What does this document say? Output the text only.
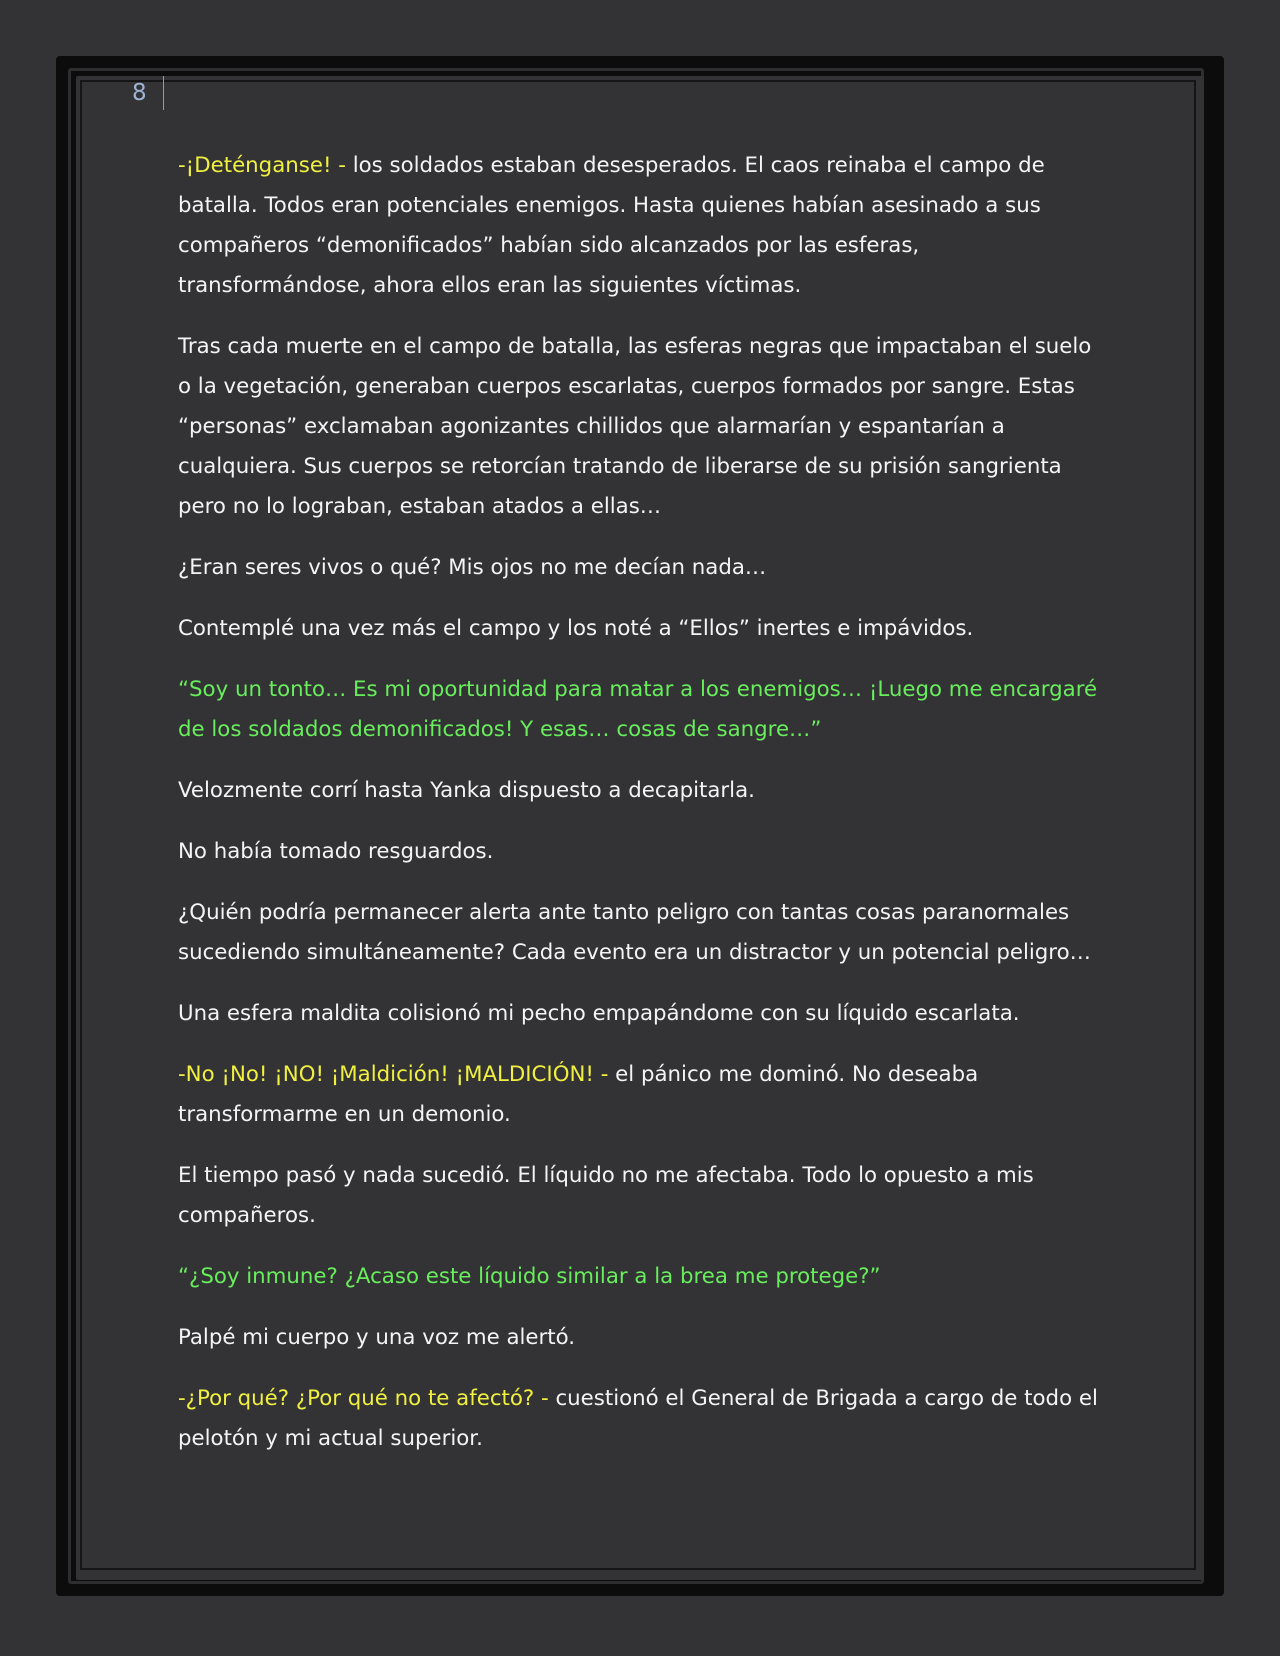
8

-¡Deténganse! - los soldados estaban desesperados. El caos reinaba el campo de batalla. Todos eran potenciales enemigos. Hasta quienes habían asesinado a sus compañeros “demonificados” habían sido alcanzados por las esferas, transformándose, ahora ellos eran las siguientes víctimas.

Tras cada muerte en el campo de batalla, las esferas negras que impactaban el suelo o la vegetación, generaban cuerpos escarlatas, cuerpos formados por sangre. Estas “personas” exclamaban agonizantes chillidos que alarmarían y espantarían a cualquiera. Sus cuerpos se retorcían tratando de liberarse de su prisión sangrienta pero no lo lograban, estaban atados a ellas…

¿Eran seres vivos o qué? Mis ojos no me decían nada…

Contemplé una vez más el campo y los noté a “Ellos” inertes e impávidos.

“Soy un tonto… Es mi oportunidad para matar a los enemigos… ¡Luego me encargaré de los soldados demonificados! Y esas… cosas de sangre…”

Velozmente corrí hasta Yanka dispuesto a decapitarla.

No había tomado resguardos.

¿Quién podría permanecer alerta ante tanto peligro con tantas cosas paranormales sucediendo simultáneamente? Cada evento era un distractor y un potencial peligro…

Una esfera maldita colisionó mi pecho empapándome con su líquido escarlata.

-No ¡No! ¡NO! ¡Maldición! ¡MALDICIÓN! - el pánico me dominó. No deseaba transformarme en un demonio.

El tiempo pasó y nada sucedió. El líquido no me afectaba. Todo lo opuesto a mis compañeros.

“¿Soy inmune? ¿Acaso este líquido similar a la brea me protege?”

Palpé mi cuerpo y una voz me alertó.

-¿Por qué? ¿Por qué no te afectó? - cuestionó el General de Brigada a cargo de todo el pelotón y mi actual superior.
